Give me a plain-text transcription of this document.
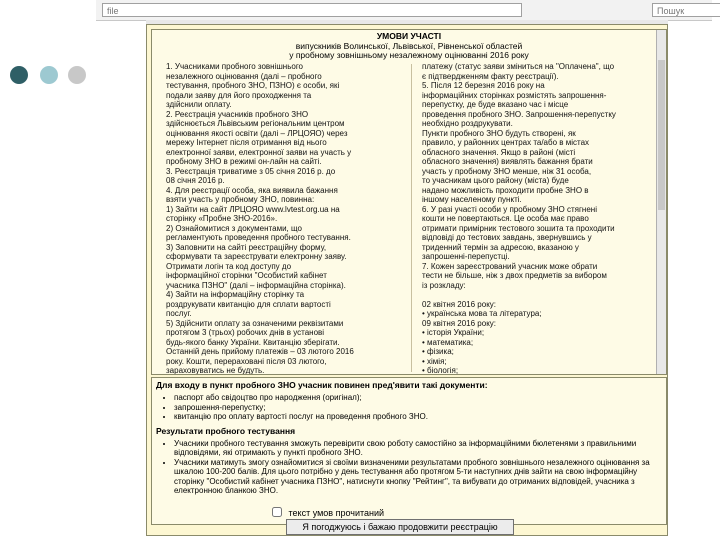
file	Пошук
УМОВИ УЧАСТІ
випускників Волинської, Львівської, Рівненської областей
у пробному зовнішньому незалежному оцінюванні 2016 року
1. Учасниками пробного зовнішнього
незалежного оцінювання (далі – пробного
тестування, пробного ЗНО, ПЗНО) є особи, які
подали заяву для його проходження та
здійснили оплату.
2. Реєстрація учасників пробного ЗНО
здійснюється Львівським регіональним центром
оцінювання якості освіти (далі – ЛРЦОЯО) через
мережу Інтернет після отримання від нього
електронної заяви, електронної заяви на участь у
пробному ЗНО в режимі он-лайн на сайті.
3. Реєстрація триватиме з 05 січня 2016 р. до
08 січня 2016 р.
4. Для реєстрації особа, яка виявила бажання
взяти участь у пробному ЗНО, повинна:
1) Зайти на сайт ЛРЦОЯО www.lvtest.org.ua на
сторінку «Пробне ЗНО-2016».
2) Ознайомитися з документами, що
регламентують проведення пробного тестування.
3) Заповнити на сайті реєстраційну форму,
сформувати та зареєструвати електронну заяву.
Отримати логін та код доступу до
інформаційної сторінки "Особистий кабінет
учасника ПЗНО" (далі – інформаційна сторінка).
4) Зайти на інформаційну сторінку та
роздрукувати квитанцію для сплати вартості
послуг.
5) Здійснити оплату за означеними реквізитами
протягом 3 (трьох) робочих днів в установі
будь-якого банку України. Квитанцію зберігати.
Останній день прийому платежів – 03 лютого 2016
року. Кошти, перераховані після 03 лютого,
зараховуватись не будуть.

платежу (статус заяви зміниться на "Оплачена", що
є підтвердженням факту реєстрації).
5. Після 12 березня 2016 року на
інформаційних сторінках розмістять запрошення-
перепустку, де буде вказано час і місце
проведення пробного ЗНО. Запрошення-перепустку
необхідно роздрукувати.
Пункти пробного ЗНО будуть створені, як
правило, у районних центрах та/або в містах
обласного значення. Якщо в районі (місті
обласного значення) виявлять бажання брати
участь у пробному ЗНО менше, ніж 31 особа,
то учасникам цього району (міста) буде
надано можливість проходити пробне ЗНО в
іншому населеному пункті.
6. У разі участі особи у пробному ЗНО стягнені
кошти не повертаються. Це особа має право
отримати примірник тестового зошита та проходити
відповіді до тестових завдань, звернувшись у
триденний термін за адресою, вказаною у
запрошенні-перепустці.
7. Кожен зареєстрований учасник може обрати
тести не більше, ніж з двох предметів за вибором
із розкладу:

02 квітня 2016 року:
• українська мова та література;
09 квітня 2016 року:
• історія України;
• математика;
• фізика;
• хімія;
• біологія;

Для входу в пункт пробного ЗНО учасник повинен пред'явити такі документи:
• паспорт або свідоцтво про народження (оригінал);
• запрошення-перепустку;
• квитанцію про оплату вартості послуг на проведення пробного ЗНО.
Результати пробного тестування
• Учасники пробного тестування зможуть перевірити свою роботу самостійно за інформаційними бюлетенями з правильними відповідями, які отримають у пункті пробного ЗНО.
• Учасники матимуть змогу ознайомитися зі своїми визначеними результатами пробного зовнішнього незалежного оцінювання за шкалою 100-200 балів. Для цього потрібно у день тестування або протягом 5-ти наступних днів зайти на свою інформаційну сторінку "Особистий кабінет учасника ПЗНО", натиснути кнопку "Рейтинг", та вибувати до отриманих відповідей, учасника з електронною бланкою ЗНО.
текст умов прочитаний
Я погоджуюсь і бажаю продовжити реєстрацію
